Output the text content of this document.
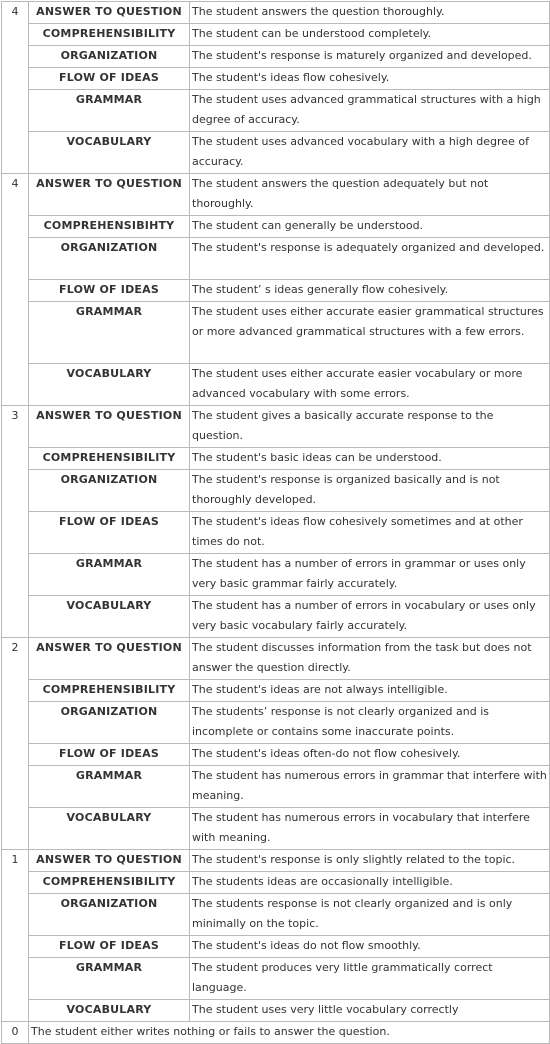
4	ANSWER TO QUESTION	The student answers the question thoroughly.
	COMPREHENSIBILITY	The student can be understood completely.
	ORGANIZATION	The student's response is maturely organized and developed.
	FLOW OF IDEAS	The student's ideas flow cohesively.
	GRAMMAR	The student uses advanced grammatical structures with a high degree of accuracy.
	VOCABULARY	The student uses advanced vocabulary with a high degree of accuracy.
4	ANSWER TO QUESTION	The student answers the question adequately but not thoroughly.
	COMPREHENSIBIHTY	The student can generally be understood.
	ORGANIZATION	The student's response is adequately organized and developed.
	FLOW OF IDEAS	The student’ s ideas generally flow cohesively.
	GRAMMAR	The student uses either accurate easier grammatical structures or more advanced grammatical structures with a few errors.
	VOCABULARY	The student uses either accurate easier vocabulary or more advanced vocabulary with some errors.
3	ANSWER TO QUESTION	The student gives a basically accurate response to the question.
	COMPREHENSIBILITY	The student's basic ideas can be understood.
	ORGANIZATION	The student's response is organized basically and is not thoroughly developed.
	FLOW OF IDEAS	The student's ideas flow cohesively sometimes and at other times do not.
	GRAMMAR	The student has a number of errors in grammar or uses only very basic grammar fairly accurately.
	VOCABULARY	The student has a number of errors in vocabulary or uses only very basic vocabulary fairly accurately.
2	ANSWER TO QUESTION	The student discusses information from the task but does not answer the question directly.
	COMPREHENSIBILITY	The student's ideas are not always intelligible.
	ORGANIZATION	The students’ response is not clearly organized and is incomplete or contains some inaccurate points.
	FLOW OF IDEAS	The student's ideas often-do not flow cohesively.
	GRAMMAR	The student has numerous errors in grammar that interfere with meaning.
	VOCABULARY	The student has numerous errors in vocabulary that interfere with meaning.
1	ANSWER TO QUESTION	The student's response is only slightly related to the topic.
	COMPREHENSIBILITY	The students ideas are occasionally intelligible.
	ORGANIZATION	The students response is not clearly organized and is only minimally on the topic.
	FLOW OF IDEAS	The student's ideas do not flow smoothly.
	GRAMMAR	The student produces very little grammatically correct language.
	VOCABULARY	The student uses very little vocabulary correctly
0	The student either writes nothing or fails to answer the question.	
